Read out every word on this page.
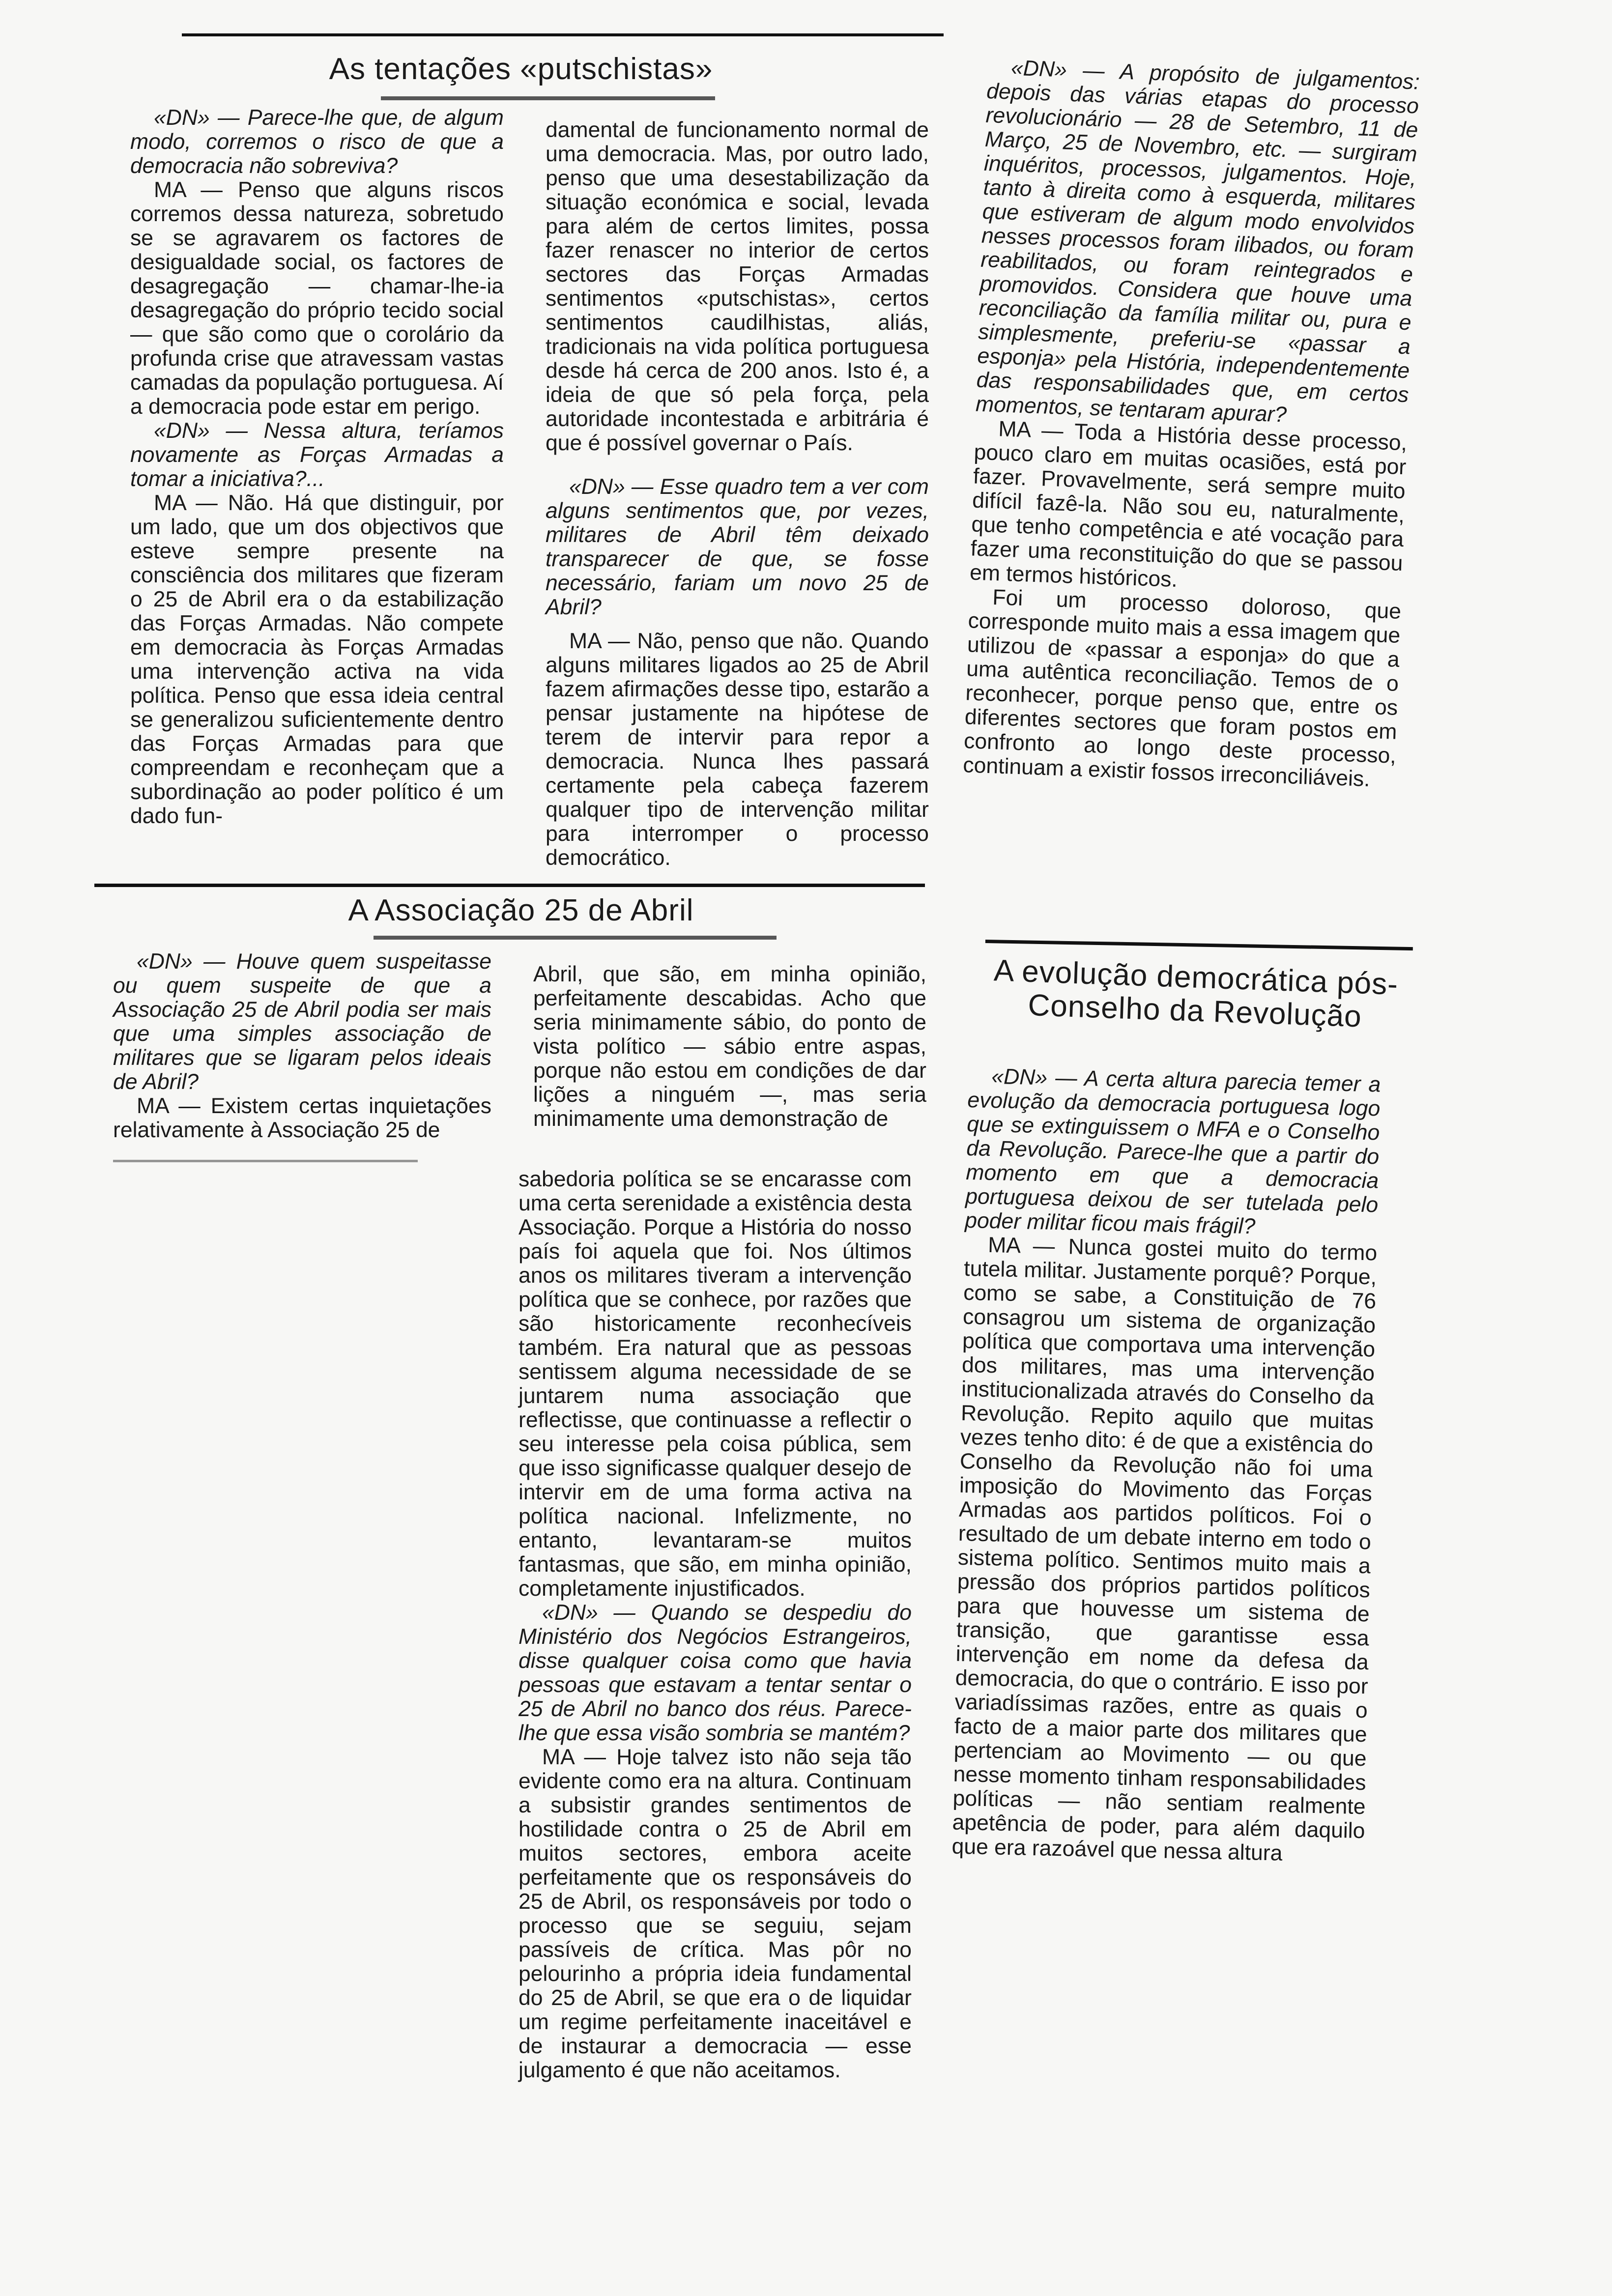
As tentações «putschistas»

«DN» — Parece-lhe que, de algum modo, corremos o risco de que a democracia não sobreviva?

MA — Penso que alguns riscos corremos dessa natureza, sobretudo se se agravarem os factores de desigualdade social, os factores de desagregação — chamar-lhe-ia desagregação do próprio tecido social — que são como que o corolário da profunda crise que atravessam vastas camadas da população portuguesa. Aí a democracia pode estar em perigo.

«DN» — Nessa altura, teríamos novamente as Forças Armadas a tomar a iniciativa?...

MA — Não. Há que distinguir, por um lado, que um dos objectivos que esteve sempre presente na consciência dos militares que fizeram o 25 de Abril era o da estabilização das Forças Armadas. Não compete em democracia às Forças Armadas uma intervenção activa na vida política. Penso que essa ideia central se generalizou suficientemente dentro das Forças Armadas para que compreendam e reconheçam que a subordinação ao poder político é um dado fun-

damental de funcionamento normal de uma democracia. Mas, por outro lado, penso que uma desestabilização da situação económica e social, levada para além de certos limites, possa fazer renascer no interior de certos sectores das Forças Armadas sentimentos «putschistas», certos sentimentos caudilhistas, aliás, tradicionais na vida política portuguesa desde há cerca de 200 anos. Isto é, a ideia de que só pela força, pela autoridade incontestada e arbitrária é que é possível governar o País.

«DN» — Esse quadro tem a ver com alguns sentimentos que, por vezes, militares de Abril têm deixado transparecer de que, se fosse necessário, fariam um novo 25 de Abril?

MA — Não, penso que não. Quando alguns militares ligados ao 25 de Abril fazem afirmações desse tipo, estarão a pensar justamente na hipótese de terem de intervir para repor a democracia. Nunca lhes passará certamente pela cabeça fazerem qualquer tipo de intervenção militar para interromper o processo democrático.

«DN» — A propósito de julgamentos: depois das várias etapas do processo revolucionário — 28 de Setembro, 11 de Março, 25 de Novembro, etc. — surgiram inquéritos, processos, julgamentos. Hoje, tanto à direita como à esquerda, militares que estiveram de algum modo envolvidos nesses processos foram ilibados, ou foram reabilitados, ou foram reintegrados e promovidos. Considera que houve uma reconciliação da família militar ou, pura e simplesmente, preferiu-se «passar a esponja» pela História, independentemente das responsabilidades que, em certos momentos, se tentaram apurar?

MA — Toda a História desse processo, pouco claro em muitas ocasiões, está por fazer. Provavelmente, será sempre muito difícil fazê-la. Não sou eu, naturalmente, que tenho competência e até vocação para fazer uma reconstituição do que se passou em termos históricos.

Foi um processo doloroso, que corresponde muito mais a essa imagem que utilizou de «passar a esponja» do que a uma autêntica reconciliação. Temos de o reconhecer, porque penso que, entre os diferentes sectores que foram postos em confronto ao longo deste processo, continuam a existir fossos irreconciliáveis.

A Associação 25 de Abril

«DN» — Houve quem suspeitasse ou quem suspeite de que a Associação 25 de Abril podia ser mais que uma simples associação de militares que se ligaram pelos ideais de Abril?

MA — Existem certas inquietações relativamente à Associação 25 de

Abril, que são, em minha opinião, perfeitamente descabidas. Acho que seria minimamente sábio, do ponto de vista político — sábio entre aspas, porque não estou em condições de dar lições a ninguém —, mas seria minimamente uma demonstração de

sabedoria política se se encarasse com uma certa serenidade a existência desta Associação. Porque a História do nosso país foi aquela que foi. Nos últimos anos os militares tiveram a intervenção política que se conhece, por razões que são historicamente reconhecíveis também. Era natural que as pessoas sentissem alguma necessidade de se juntarem numa associação que reflectisse, que continuasse a reflectir o seu interesse pela coisa pública, sem que isso significasse qualquer desejo de intervir em de uma forma activa na política nacional. Infelizmente, no entanto, levantaram-se muitos fantasmas, que são, em minha opinião, completamente injustificados.

«DN» — Quando se despediu do Ministério dos Negócios Estrangeiros, disse qualquer coisa como que havia pessoas que estavam a tentar sentar o 25 de Abril no banco dos réus. Parece-lhe que essa visão sombria se mantém?

MA — Hoje talvez isto não seja tão evidente como era na altura. Continuam a subsistir grandes sentimentos de hostilidade contra o 25 de Abril em muitos sectores, embora aceite perfeitamente que os responsáveis do 25 de Abril, os responsáveis por todo o processo que se seguiu, sejam passíveis de crítica. Mas pôr no pelourinho a própria ideia fundamental do 25 de Abril, se que era o de liquidar um regime perfeitamente inaceitável e de instaurar a democracia — esse julgamento é que não aceitamos.

A evolução democrática pós-Conselho da Revolução

«DN» — A certa altura parecia temer a evolução da democracia portuguesa logo que se extinguissem o MFA e o Conselho da Revolução. Parece-lhe que a partir do momento em que a democracia portuguesa deixou de ser tutelada pelo poder militar ficou mais frágil?

MA — Nunca gostei muito do termo tutela militar. Justamente porquê? Porque, como se sabe, a Constituição de 76 consagrou um sistema de organização política que comportava uma intervenção dos militares, mas uma intervenção institucionalizada através do Conselho da Revolução. Repito aquilo que muitas vezes tenho dito: é de que a existência do Conselho da Revolução não foi uma imposição do Movimento das Forças Armadas aos partidos políticos. Foi o resultado de um debate interno em todo o sistema político. Sentimos muito mais a pressão dos próprios partidos políticos para que houvesse um sistema de transição, que garantisse essa intervenção em nome da defesa da democracia, do que o contrário. E isso por variadíssimas razões, entre as quais o facto de a maior parte dos militares que pertenciam ao Movimento — ou que nesse momento tinham responsabilidades políticas — não sentiam realmente apetência de poder, para além daquilo que era razoável que nessa altura
